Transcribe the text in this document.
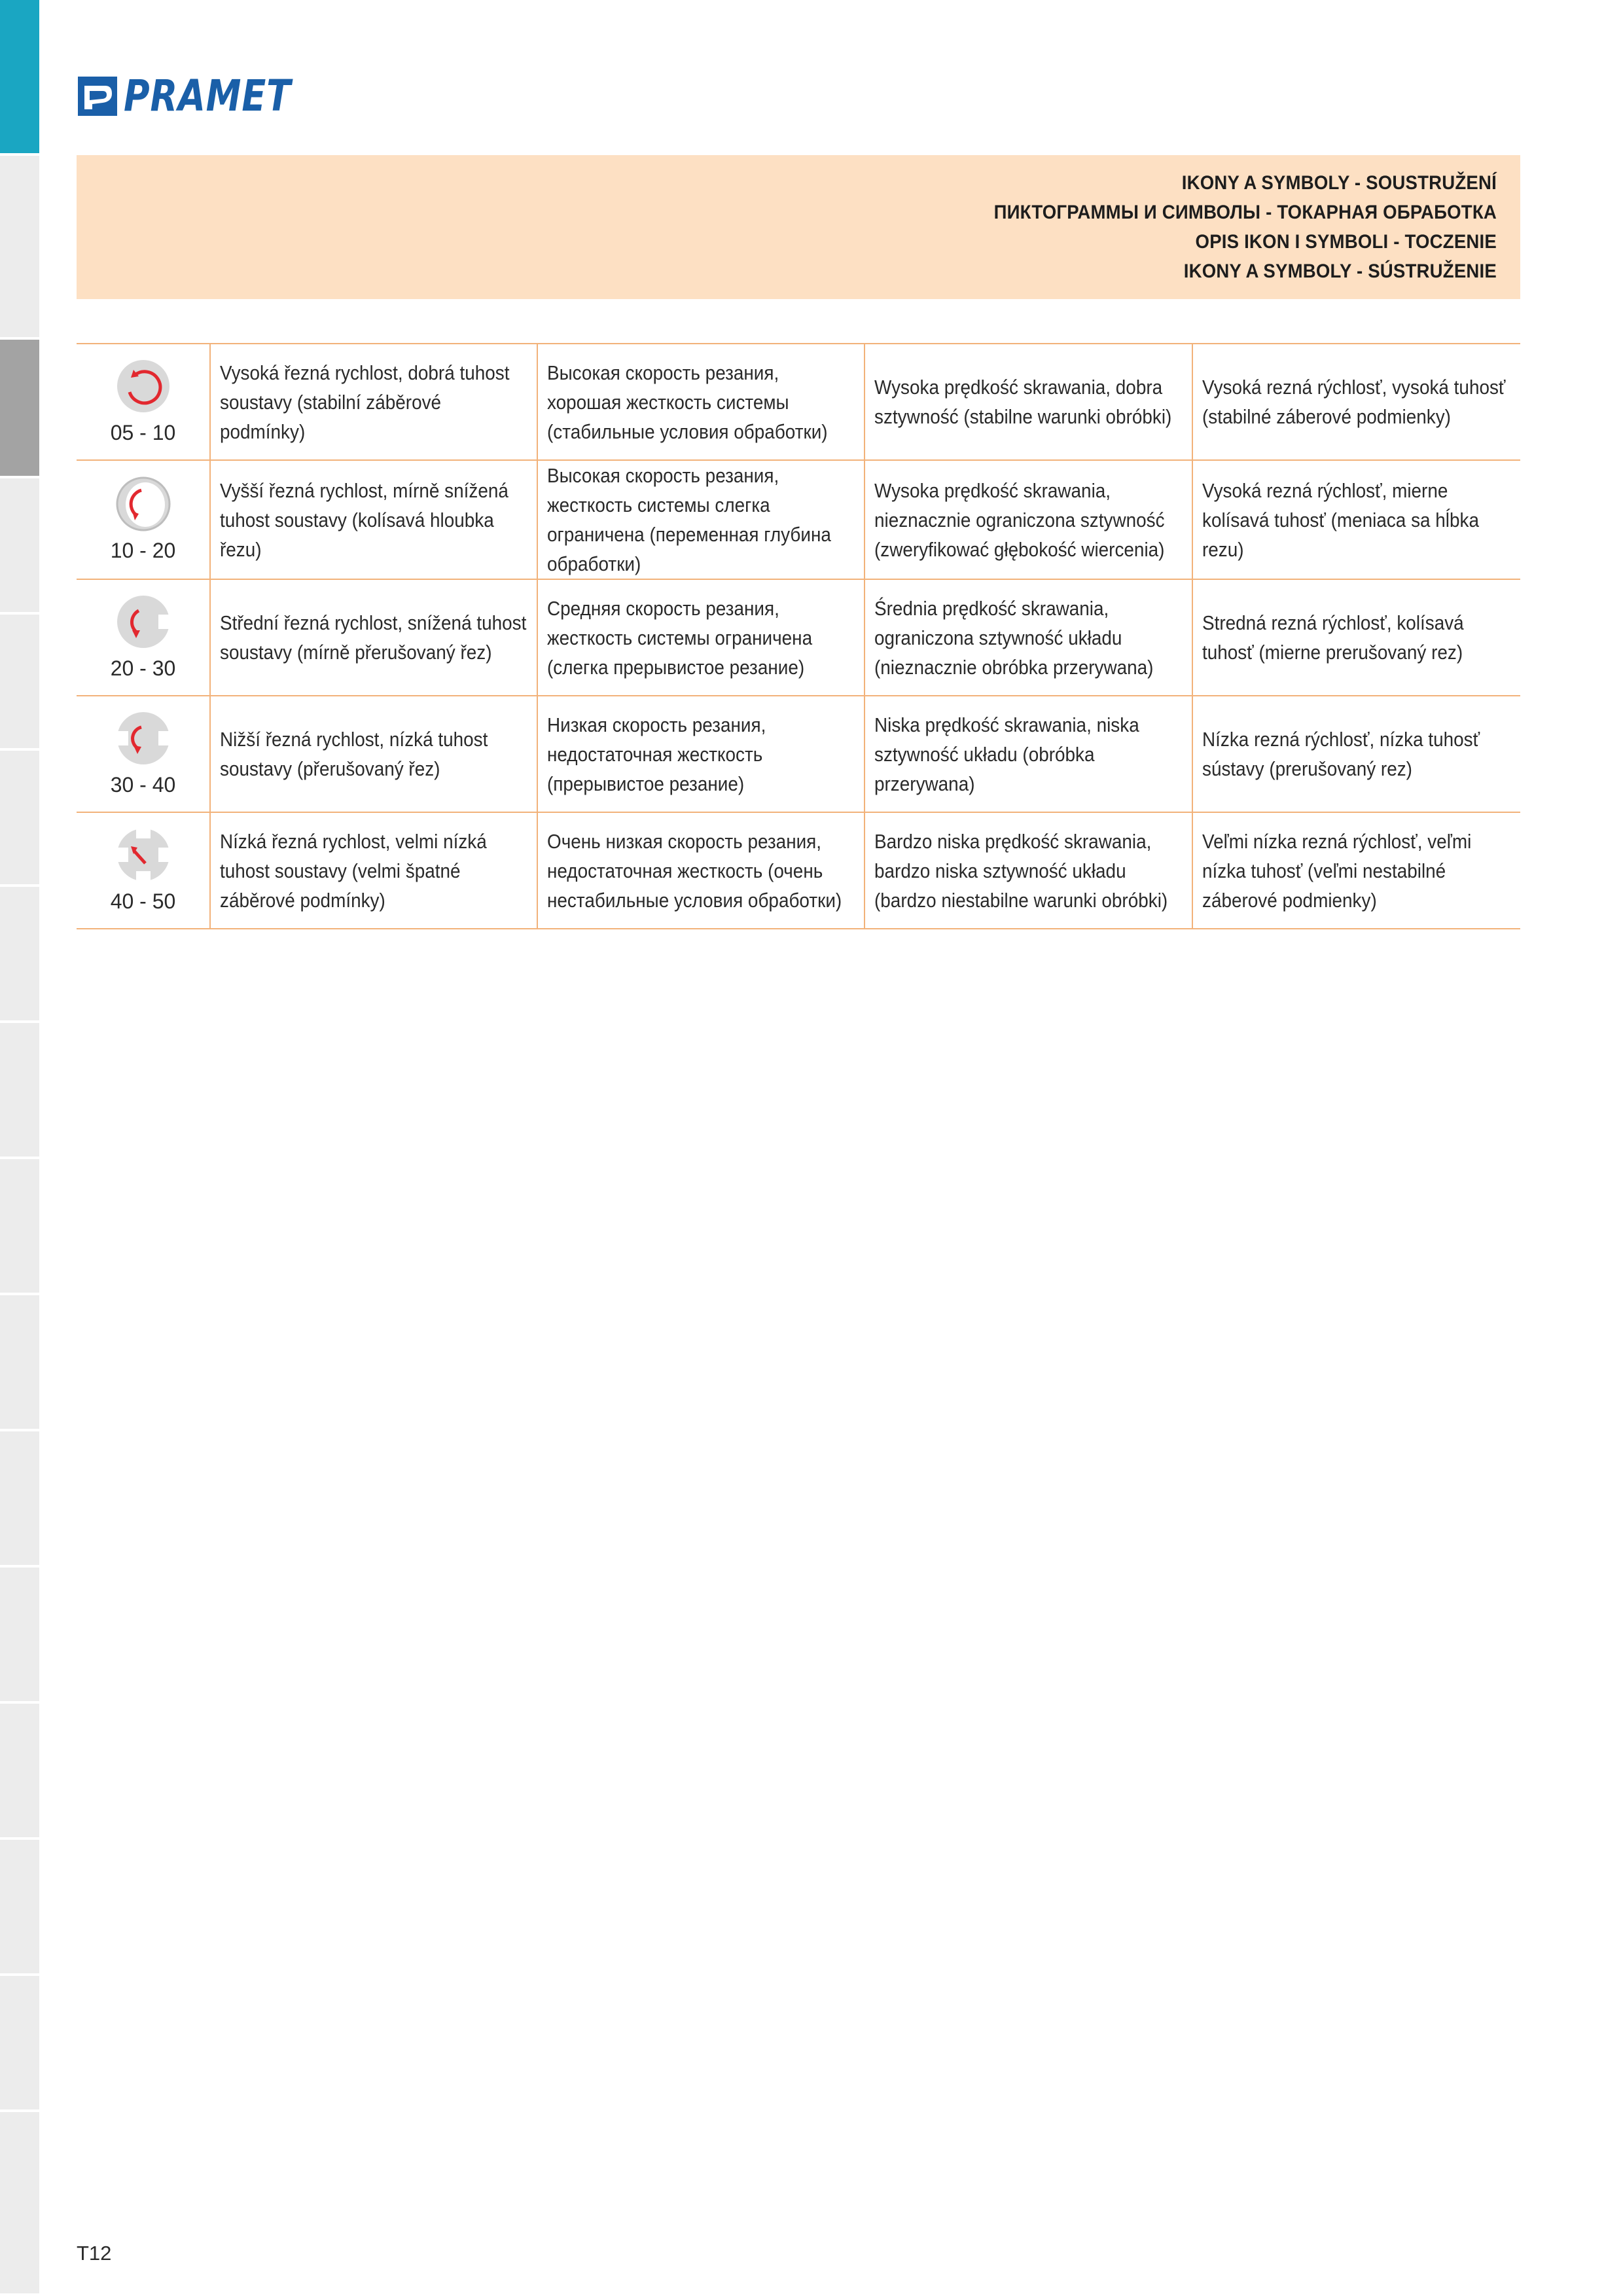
PRAMET
IKONY A SYMBOLY - SOUSTRUŽENÍ
ПИКТОГРАММЫ И СИМВОЛЫ - ТОКАРНАЯ ОБРАБОТКА
OPIS IKON I SYMBOLI - TOCZENIE
IKONY A SYMBOLY - SÚSTRUŽENIE
05 - 10	Vysoká řezná rychlost, dobrá tuhost soustavy (stabilní záběrové podmínky)	Высокая скорость резания, хорошая жесткость системы (стабильные условия обработки)	Wysoka prędkość skrawania, dobra sztywność (stabilne warunki obróbki)	Vysoká rezná rýchlosť, vysoká tuhosť (stabilné záberové podmienky)

10 - 20	Vyšší řezná rychlost, mírně snížená tuhost soustavy (kolísavá hloubka řezu)	Высокая скорость резания, жесткость системы слегка ограничена (переменная глубина обработки)	Wysoka prędkość skrawania, nieznacznie ograniczona sztywność (zweryfikować głębokość wiercenia)	Vysoká rezná rýchlosť, mierne kolísavá tuhosť (meniaca sa hĺbka rezu)

20 - 30	Střední řezná rychlost, snížená tuhost soustavy (mírně přerušovaný řez)	Средняя скорость резания, жесткость системы ограничена (слегка прерывистое резание)	Średnia prędkość skrawania, ograniczona sztywność układu (nieznacznie obróbka przerywana)	Stredná rezná rýchlosť, kolísavá tuhosť (mierne prerušovaný rez)

30 - 40	Nižší řezná rychlost, nízká tuhost soustavy (přerušovaný řez)	Низкая скорость резания, недостаточная жесткость (прерывистое резание)	Niska prędkość skrawania, niska sztywność układu (obróbka przerywana)	Nízka rezná rýchlosť, nízka tuhosť sústavy (prerušovaný rez)

40 - 50	Nízká řezná rychlost, velmi nízká tuhost soustavy (velmi špatné záběrové podmínky)	Очень низкая скорость резания, недостаточная жесткость (очень нестабильные условия обработки)	Bardzo niska prędkość skrawania, bardzo niska sztywność układu (bardzo niestabilne warunki obróbki)	Veľmi nízka rezná rýchlosť, veľmi nízka tuhosť (veľmi nestabilné záberové podmienky)
T12
